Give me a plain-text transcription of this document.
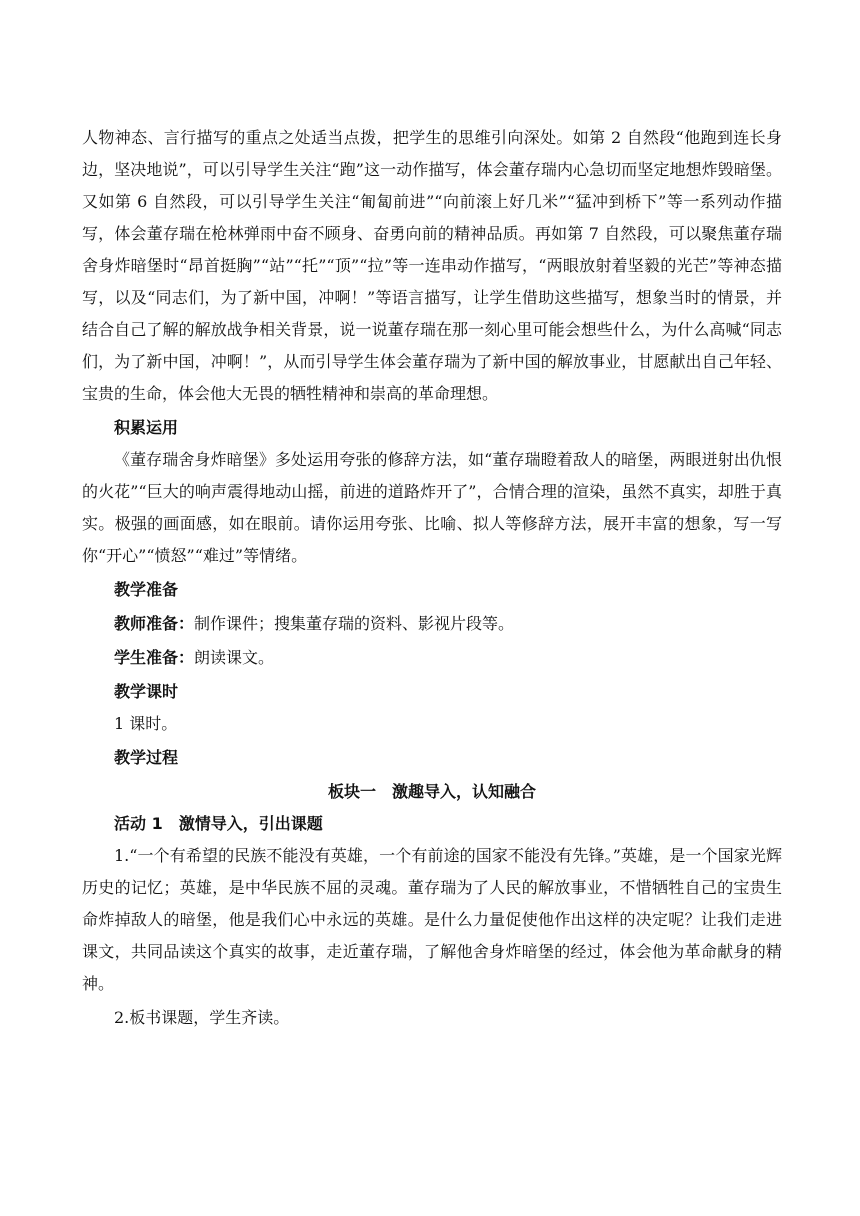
人物神态、言行描写的重点之处适当点拨，把学生的思维引向深处。如第 2 自然段“他跑到连长身边，坚决地说”，可以引导学生关注“跑”这一动作描写，体会董存瑞内心急切而坚定地想炸毁暗堡。又如第 6 自然段，可以引导学生关注“匍匐前进”“向前滚上好几米”“猛冲到桥下”等一系列动作描写，体会董存瑞在枪林弹雨中奋不顾身、奋勇向前的精神品质。再如第 7 自然段，可以聚焦董存瑞舍身炸暗堡时“昂首挺胸”“站”“托”“顶”“拉”等一连串动作描写，“两眼放射着坚毅的光芒”等神态描写，以及“同志们，为了新中国，冲啊！”等语言描写，让学生借助这些描写，想象当时的情景，并结合自己了解的解放战争相关背景，说一说董存瑞在那一刻心里可能会想些什么，为什么高喊“同志们，为了新中国，冲啊！”，从而引导学生体会董存瑞为了新中国的解放事业，甘愿献出自己年轻、宝贵的生命，体会他大无畏的牺牲精神和崇高的革命理想。

积累运用

《董存瑞舍身炸暗堡》多处运用夸张的修辞方法，如“董存瑞瞪着敌人的暗堡，两眼迸射出仇恨的火花”“巨大的响声震得地动山摇，前进的道路炸开了”，合情合理的渲染，虽然不真实，却胜于真实。极强的画面感，如在眼前。请你运用夸张、比喻、拟人等修辞方法，展开丰富的想象，写一写你“开心”“愤怒”“难过”等情绪。

教学准备

教师准备：制作课件；搜集董存瑞的资料、影视片段等。

学生准备：朗读课文。

教学课时

1 课时。

教学过程

板块一　激趣导入，认知融合

活动 1　激情导入，引出课题

1.“一个有希望的民族不能没有英雄，一个有前途的国家不能没有先锋。”英雄，是一个国家光辉历史的记忆；英雄，是中华民族不屈的灵魂。董存瑞为了人民的解放事业，不惜牺牲自己的宝贵生命炸掉敌人的暗堡，他是我们心中永远的英雄。是什么力量促使他作出这样的决定呢？让我们走进课文，共同品读这个真实的故事，走近董存瑞，了解他舍身炸暗堡的经过，体会他为革命献身的精神。

2.板书课题，学生齐读。
